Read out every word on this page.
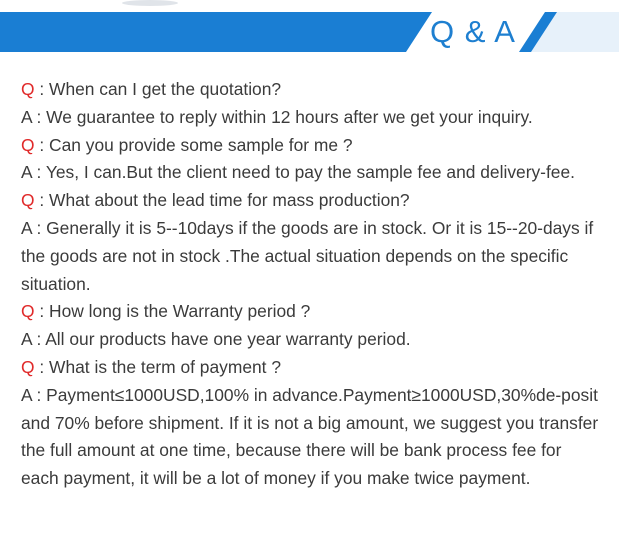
Q & A
Q : When can I get the quotation?
A : We guarantee to reply within 12 hours after we get your inquiry.
Q : Can you provide some sample for me ?
A : Yes, I can.But the client need to pay the sample fee and delivery-fee.
Q : What about the lead time for mass production?
A : Generally it is 5--10days if the goods are in stock. Or it is 15--20-days if the goods are not in stock .The actual situation depends on the specific situation.
Q : How long is the Warranty period ?
A : All our products have one year warranty period.
Q : What is the term of payment ?
A : Payment≤1000USD,100% in advance.Payment≥1000USD,30%de-posit and 70% before shipment. If it is not a big amount, we suggest you transfer the full amount at one time, because there will be bank process fee for each payment, it will be a lot of money if you make twice payment.
